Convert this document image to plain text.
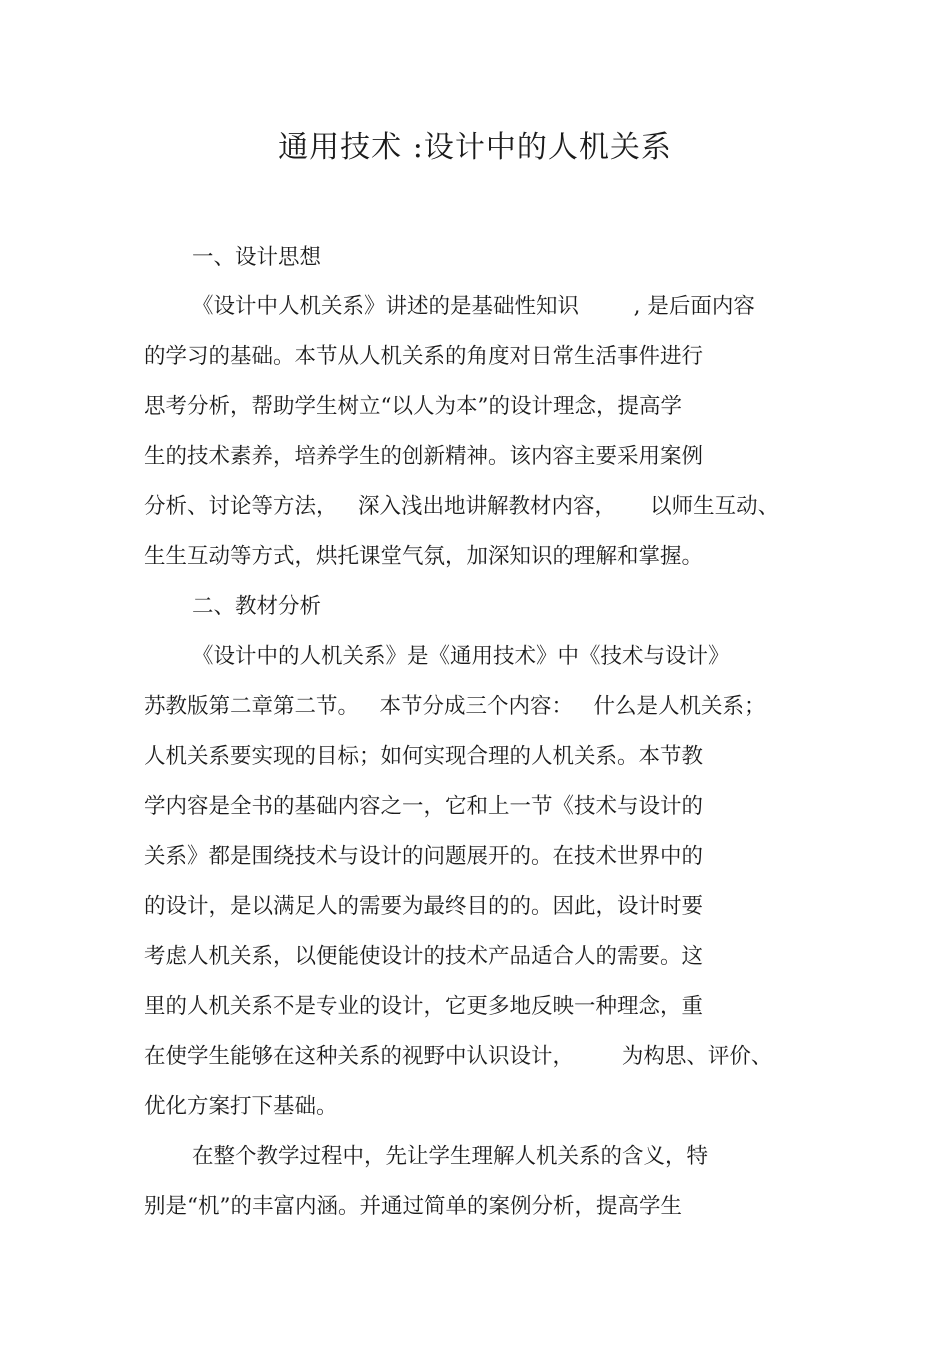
通用技术 :设计中的人机关系

一、设计思想

《设计中人机关系》讲述的是基础性知识        , 是后面内容

的学习的基础。本节从人机关系的角度对日常生活事件进行

思考分析，帮助学生树立“以人为本”的设计理念，提高学

生的技术素养，培养学生的创新精神。该内容主要采用案例

分析、讨论等方法，   深入浅出地讲解教材内容，     以师生互动、

生生互动等方式，烘托课堂气氛，加深知识的理解和掌握。

二、教材分析

《设计中的人机关系》是《通用技术》中《技术与设计》

苏教版第二章第二节。   本节分成三个内容：   什么是人机关系；

人机关系要实现的目标；如何实现合理的人机关系。本节教

学内容是全书的基础内容之一，它和上一节《技术与设计的

关系》都是围绕技术与设计的问题展开的。在技术世界中的

的设计，是以满足人的需要为最终目的的。因此，设计时要

考虑人机关系，以便能使设计的技术产品适合人的需要。这

里的人机关系不是专业的设计，它更多地反映一种理念，重

在使学生能够在这种关系的视野中认识设计，       为构思、评价、

优化方案打下基础。

在整个教学过程中，先让学生理解人机关系的含义，特

别是“机”的丰富内涵。并通过简单的案例分析，提高学生
